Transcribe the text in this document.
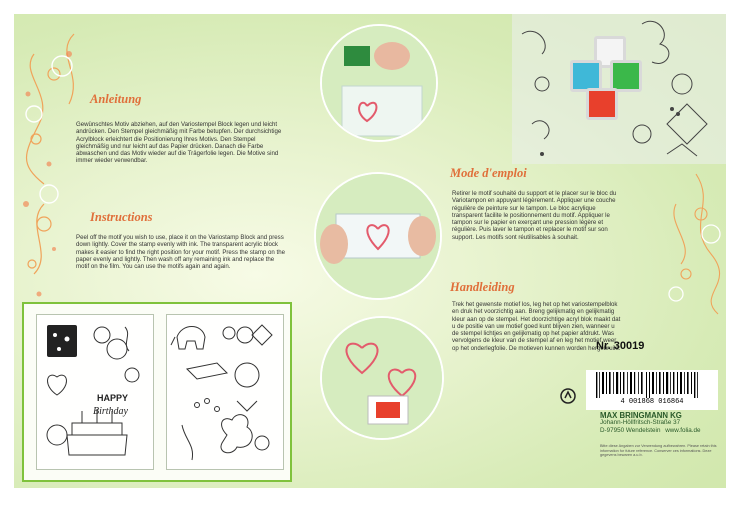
Anleitung
Gewünschtes Motiv abziehen, auf den Variostempel Block legen und leicht andrücken. Den Stempel gleichmäßig mit Farbe betupfen. Der durchsichtige Acrylblock erleichtert die Positionierung Ihres Motivs. Den Stempel gleichmäßig und nur leicht auf das Papier drücken. Danach die Farbe abwaschen und das Motiv wieder auf die Trägerfolie legen. Die Motive sind immer wieder verwendbar.
Instructions
Peel off the motif you wish to use, place it on the Variostamp Block and press down lightly. Cover the stamp evenly with ink. The transparent acrylic block makes it easier to find the right position for your motif. Press the stamp on the paper evenly and lightly. Then wash off any remaining ink and replace the motif on the film. You can use the motifs again and again.
HAPPY
Birthday
Mode d'emploi
Retirer le motif souhaité du support et le placer sur le bloc du Variotampon en appuyant légèrement. Appliquer une couche régulière de peinture sur le tampon. Le bloc acrylique transparent facilite le positionnement du motif. Appliquer le tampon sur le papier en exerçant une pression légère et régulière. Puis laver le tampon et replacer le motif sur son support. Les motifs sont réutilisables à souhait.
Handleiding
Trek het gewenste motief los, leg het op het variostempelblok en druk het voorzichtig aan. Breng gelijkmatig en gelijkmatig kleur aan op de stempel. Het doorzichtige acryl blok maakt dat u de positie van uw motief goed kunt blijven zien, wanneer u de stempel lichtjes en gelijkmatig op het papier afdrukt. Was vervolgens de kleur van de stempel af en leg het motief weer op het onderlegfolie. De motieven kunnen worden hergebruikt.
Nr. 30019
4 001868 016864
MAX BRINGMANN KG
Johann-Höllfritsch-Straße 37
D-97950 Wendelstein www.folia.de
Bitte diese Angaben zur Verwendung aufbewahren. Please retain this information for future reference. Conserver ces informations. Deze gegevens bewaren a.u.b.
